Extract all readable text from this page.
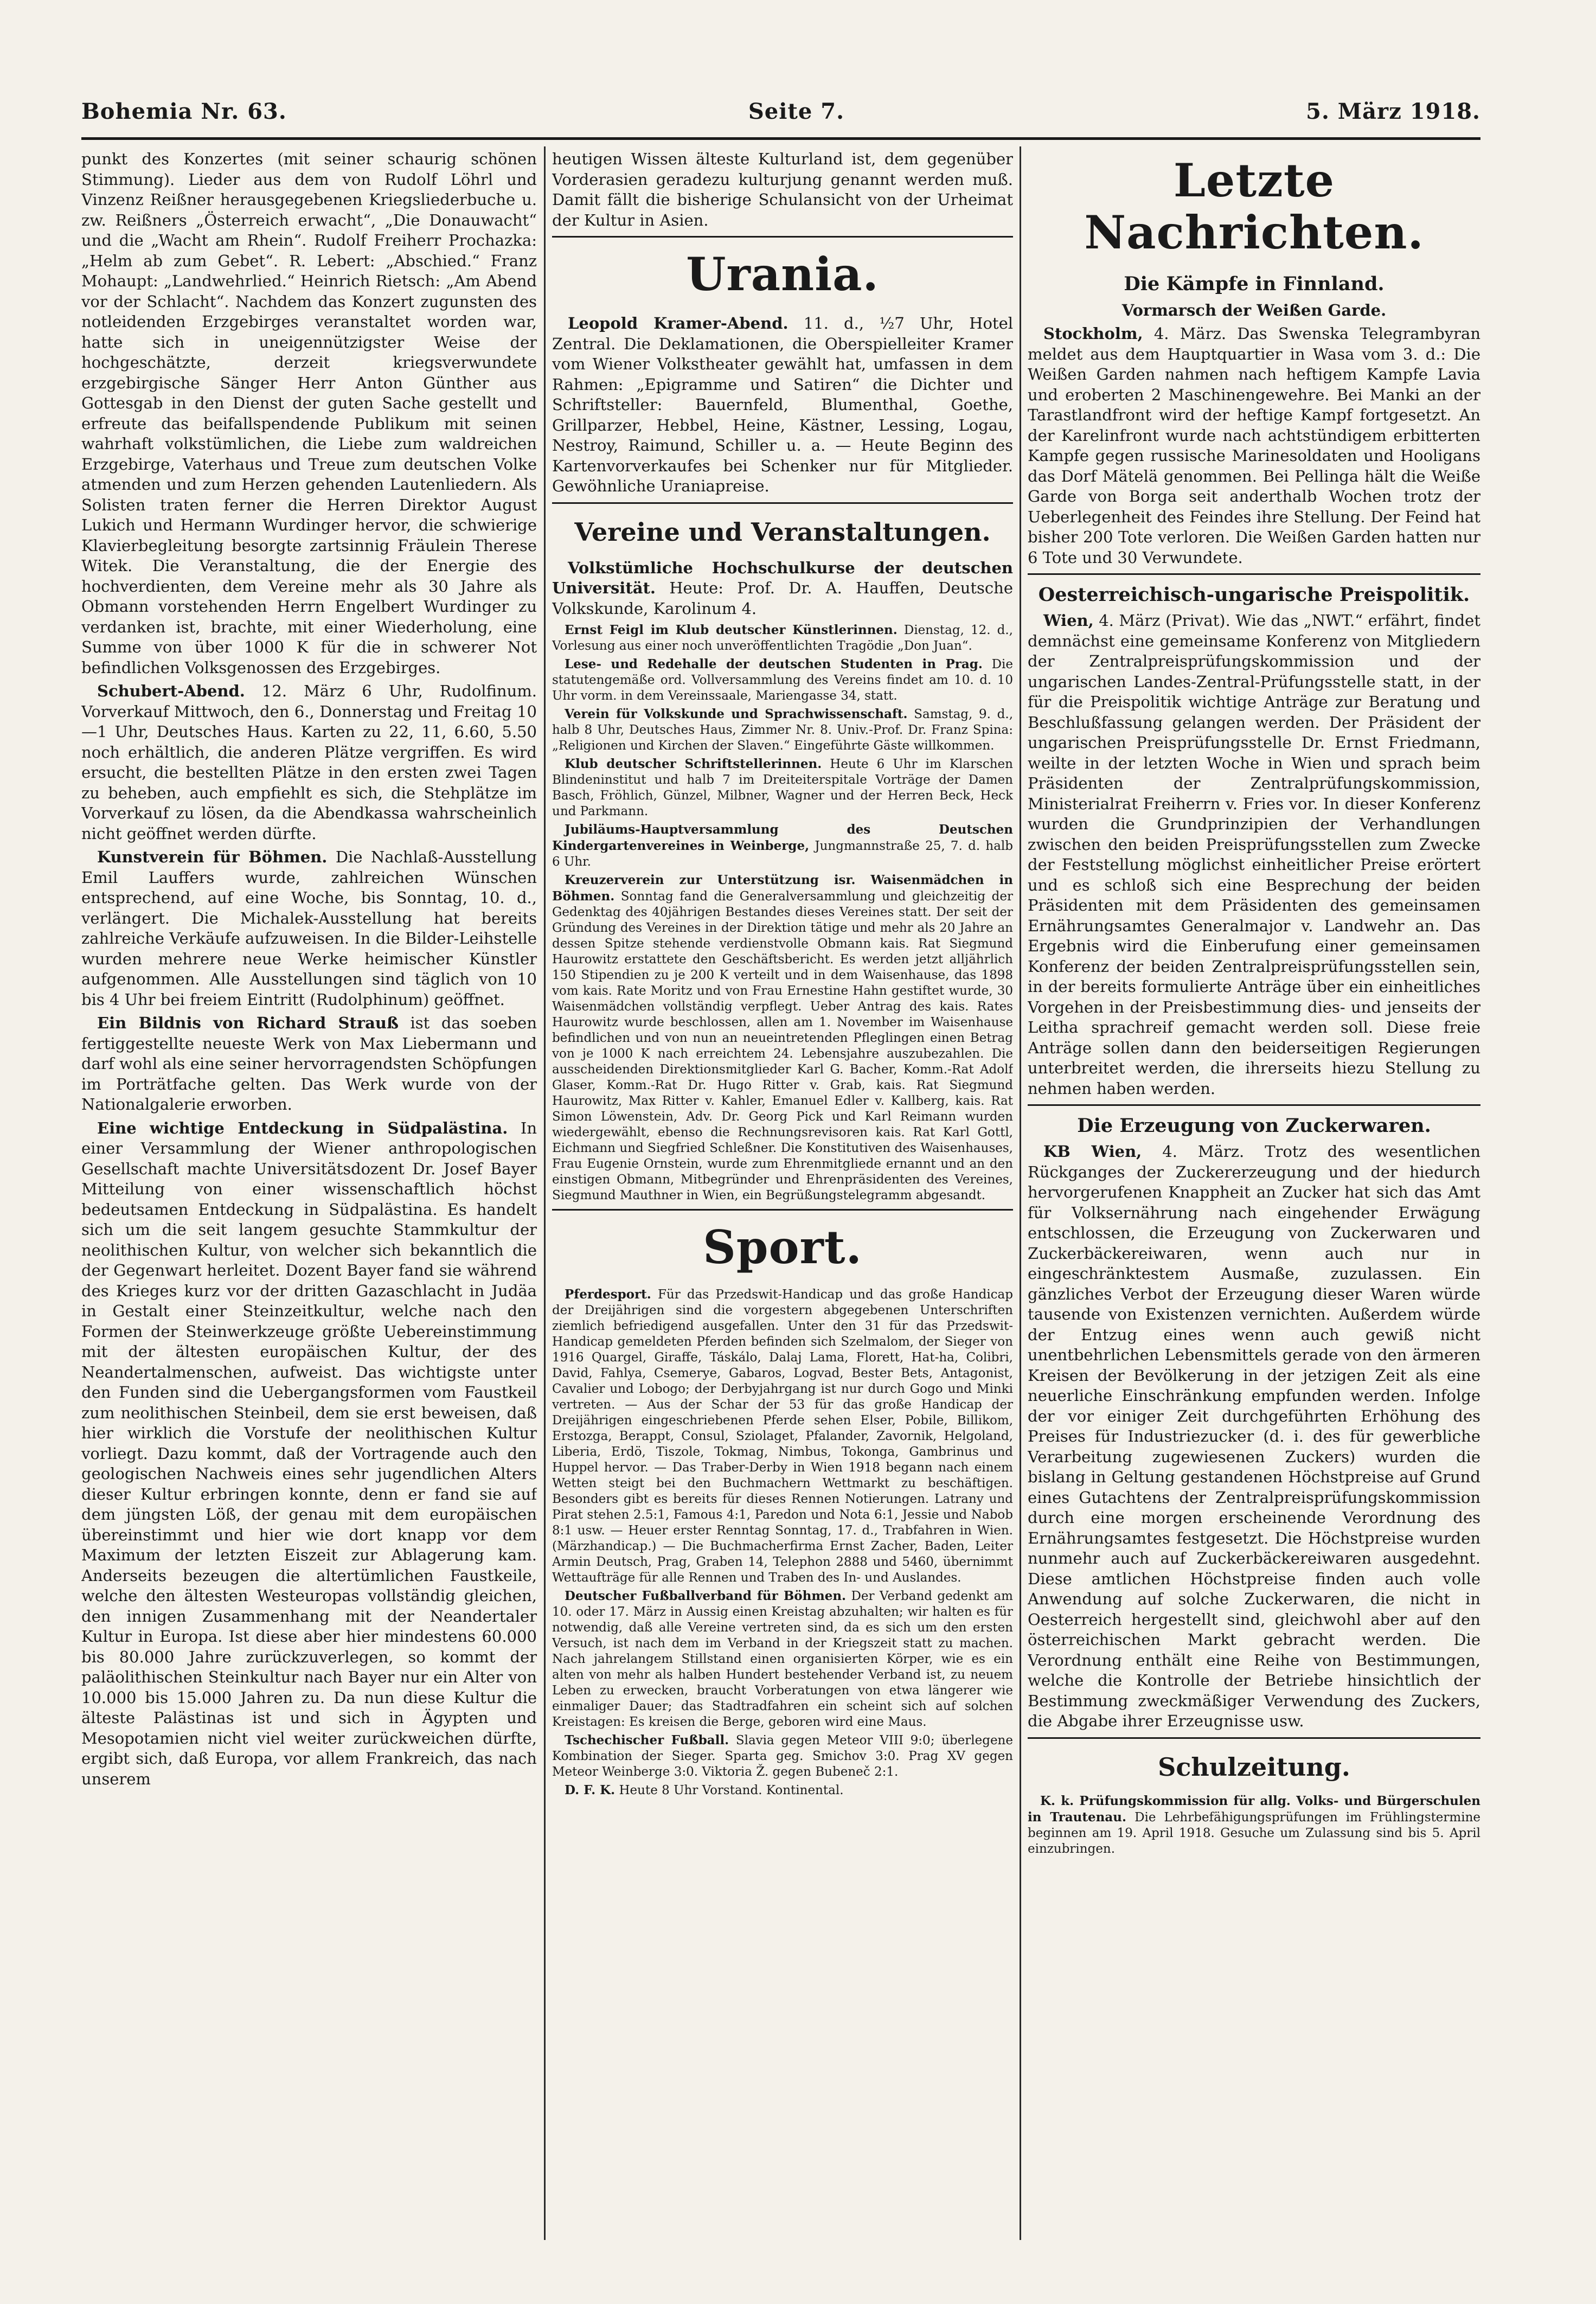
Bohemia Nr. 63.	Seite 7.	5. März 1918.

punkt des Konzertes (mit seiner schaurig schönen Stimmung). Lieder aus dem von Rudolf Löhrl und Vinzenz Reißner herausgegebenen Kriegsliederbuche u. zw. Reißners „Österreich erwacht“, „Die Donauwacht“ und die „Wacht am Rhein“. Rudolf Freiherr Prochazka: „Helm ab zum Gebet“. R. Lebert: „Abschied.“ Franz Mohaupt: „Landwehrlied.“ Heinrich Rietsch: „Am Abend vor der Schlacht“. Nachdem das Konzert zugunsten des notleidenden Erzgebirges veranstaltet worden war, hatte sich in uneigennützigster Weise der hochgeschätzte, derzeit kriegsverwundete erzgebirgische Sänger Herr Anton Günther aus Gottesgab in den Dienst der guten Sache gestellt und erfreute das beifallspendende Publikum mit seinen wahrhaft volkstümlichen, die Liebe zum waldreichen Erzgebirge, Vaterhaus und Treue zum deutschen Volke atmenden und zum Herzen gehenden Lautenliedern. Als Solisten traten ferner die Herren Direktor August Lukich und Hermann Wurdinger hervor, die schwierige Klavierbegleitung besorgte zartsinnig Fräulein Therese Witek. Die Veranstaltung, die der Energie des hochverdienten, dem Vereine mehr als 30 Jahre als Obmann vorstehenden Herrn Engelbert Wurdinger zu verdanken ist, brachte, mit einer Wiederholung, eine Summe von über 1000 K für die in schwerer Not befindlichen Volksgenossen des Erzgebirges.

Schubert-Abend. 12. März 6 Uhr, Rudolfinum. Vorverkauf Mittwoch, den 6., Donnerstag und Freitag 10—1 Uhr, Deutsches Haus. Karten zu 22, 11, 6.60, 5.50 noch erhältlich, die anderen Plätze vergriffen. Es wird ersucht, die bestellten Plätze in den ersten zwei Tagen zu beheben, auch empfiehlt es sich, die Stehplätze im Vorverkauf zu lösen, da die Abendkassa wahrscheinlich nicht geöffnet werden dürfte.

Kunstverein für Böhmen. Die Nachlaß-Ausstellung Emil Lauffers wurde, zahlreichen Wünschen entsprechend, auf eine Woche, bis Sonntag, 10. d., verlängert. Die Michalek-Ausstellung hat bereits zahlreiche Verkäufe aufzuweisen. In die Bilder-Leihstelle wurden mehrere neue Werke heimischer Künstler aufgenommen. Alle Ausstellungen sind täglich von 10 bis 4 Uhr bei freiem Eintritt (Rudolphinum) geöffnet.

Ein Bildnis von Richard Strauß ist das soeben fertiggestellte neueste Werk von Max Liebermann und darf wohl als eine seiner hervorragendsten Schöpfungen im Porträtfache gelten. Das Werk wurde von der Nationalgalerie erworben.

Eine wichtige Entdeckung in Südpalästina. In einer Versammlung der Wiener anthropologischen Gesellschaft machte Universitätsdozent Dr. Josef Bayer Mitteilung von einer wissenschaftlich höchst bedeutsamen Entdeckung in Südpalästina. Es handelt sich um die seit langem gesuchte Stammkultur der neolithischen Kultur, von welcher sich bekanntlich die der Gegenwart herleitet. Dozent Bayer fand sie während des Krieges kurz vor der dritten Gazaschlacht in Judäa in Gestalt einer Steinzeitkultur, welche nach den Formen der Steinwerkzeuge größte Uebereinstimmung mit der ältesten europäischen Kultur, der des Neandertalmenschen, aufweist. Das wichtigste unter den Funden sind die Uebergangsformen vom Faustkeil zum neolithischen Steinbeil, dem sie erst beweisen, daß hier wirklich die Vorstufe der neolithischen Kultur vorliegt. Dazu kommt, daß der Vortragende auch den geologischen Nachweis eines sehr jugendlichen Alters dieser Kultur erbringen konnte, denn er fand sie auf dem jüngsten Löß, der genau mit dem europäischen übereinstimmt und hier wie dort knapp vor dem Maximum der letzten Eiszeit zur Ablagerung kam. Anderseits bezeugen die altertümlichen Faustkeile, welche den ältesten Westeuropas vollständig gleichen, den innigen Zusammenhang mit der Neandertaler Kultur in Europa. Ist diese aber hier mindestens 60.000 bis 80.000 Jahre zurückzuverlegen, so kommt der paläolithischen Steinkultur nach Bayer nur ein Alter von 10.000 bis 15.000 Jahren zu. Da nun diese Kultur die älteste Palästinas ist und sich in Ägypten und Mesopotamien nicht viel weiter zurückweichen dürfte, ergibt sich, daß Europa, vor allem Frankreich, das nach unserem

heutigen Wissen älteste Kulturland ist, dem gegenüber Vorderasien geradezu kulturjung genannt werden muß. Damit fällt die bisherige Schulansicht von der Urheimat der Kultur in Asien.

Urania.

Leopold Kramer-Abend. 11. d., ½7 Uhr, Hotel Zentral. Die Deklamationen, die Oberspielleiter Kramer vom Wiener Volkstheater gewählt hat, umfassen in dem Rahmen: „Epigramme und Satiren“ die Dichter und Schriftsteller: Bauernfeld, Blumenthal, Goethe, Grillparzer, Hebbel, Heine, Kästner, Lessing, Logau, Nestroy, Raimund, Schiller u. a. — Heute Beginn des Kartenvorverkaufes bei Schenker nur für Mitglieder. Gewöhnliche Uraniapreise.

Vereine und Veranstaltungen.

Volkstümliche Hochschulkurse der deutschen Universität. Heute: Prof. Dr. A. Hauffen, Deutsche Volkskunde, Karolinum 4.

Ernst Feigl im Klub deutscher Künstlerinnen. Dienstag, 12. d., Vorlesung aus einer noch unveröffentlichten Tragödie „Don Juan“.

Lese- und Redehalle der deutschen Studenten in Prag. Die statutengemäße ord. Vollversammlung des Vereins findet am 10. d. 10 Uhr vorm. in dem Vereinssaale, Mariengasse 34, statt.

Verein für Volkskunde und Sprachwissenschaft. Samstag, 9. d., halb 8 Uhr, Deutsches Haus, Zimmer Nr. 8. Univ.-Prof. Dr. Franz Spina: „Religionen und Kirchen der Slaven.“ Eingeführte Gäste willkommen.

Klub deutscher Schriftstellerinnen. Heute 6 Uhr im Klarschen Blindeninstitut und halb 7 im Dreiteiterspitale Vorträge der Damen Basch, Fröhlich, Günzel, Milbner, Wagner und der Herren Beck, Heck und Parkmann.

Jubiläums-Hauptversammlung des Deutschen Kindergartenvereines in Weinberge, Jungmannstraße 25, 7. d. halb 6 Uhr.

Kreuzerverein zur Unterstützung isr. Waisenmädchen in Böhmen. Sonntag fand die Generalversammlung und gleichzeitig der Gedenktag des 40jährigen Bestandes dieses Vereines statt. Der seit der Gründung des Vereines in der Direktion tätige und mehr als 20 Jahre an dessen Spitze stehende verdienstvolle Obmann kais. Rat Siegmund Haurowitz erstattete den Geschäftsbericht. Es werden jetzt alljährlich 150 Stipendien zu je 200 K verteilt und in dem Waisenhause, das 1898 vom kais. Rate Moritz und von Frau Ernestine Hahn gestiftet wurde, 30 Waisenmädchen vollständig verpflegt. Ueber Antrag des kais. Rates Haurowitz wurde beschlossen, allen am 1. November im Waisenhause befindlichen und von nun an neueintretenden Pfleglingen einen Betrag von je 1000 K nach erreichtem 24. Lebensjahre auszubezahlen. Die ausscheidenden Direktionsmitglieder Karl G. Bacher, Komm.-Rat Adolf Glaser, Komm.-Rat Dr. Hugo Ritter v. Grab, kais. Rat Siegmund Haurowitz, Max Ritter v. Kahler, Emanuel Edler v. Kallberg, kais. Rat Simon Löwenstein, Adv. Dr. Georg Pick und Karl Reimann wurden wiedergewählt, ebenso die Rechnungsrevisoren kais. Rat Karl Gottl, Eichmann und Siegfried Schleßner. Die Konstitutiven des Waisenhauses, Frau Eugenie Ornstein, wurde zum Ehrenmitgliede ernannt und an den einstigen Obmann, Mitbegründer und Ehrenpräsidenten des Vereines, Siegmund Mauthner in Wien, ein Begrüßungstelegramm abgesandt.

Sport.

Pferdesport. Für das Przedswit-Handicap und das große Handicap der Dreijährigen sind die vorgestern abgegebenen Unterschriften ziemlich befriedigend ausgefallen. Unter den 31 für das Przedswit-Handicap gemeldeten Pferden befinden sich Szelmalom, der Sieger von 1916 Quargel, Giraffe, Táskálo, Dalaj Lama, Florett, Hat-ha, Colibri, David, Fahlya, Csemerye, Gabaros, Logvad, Bester Bets, Antagonist, Cavalier und Lobogo; der Derbyjahrgang ist nur durch Gogo und Minki vertreten. — Aus der Schar der 53 für das große Handicap der Dreijährigen eingeschriebenen Pferde sehen Elser, Pobile, Billikom, Erstozga, Berappt, Consul, Sziolaget, Pfalander, Zavornik, Helgoland, Liberia, Erdö, Tiszole, Tokmag, Nimbus, Tokonga, Gambrinus und Huppel hervor. — Das Traber-Derby in Wien 1918 begann nach einem Wetten steigt bei den Buchmachern Wettmarkt zu beschäftigen. Besonders gibt es bereits für dieses Rennen Notierungen. Latrany und Pirat stehen 2.5:1, Famous 4:1, Paredon und Nota 6:1, Jessie und Nabob 8:1 usw. — Heuer erster Renntag Sonntag, 17. d., Trabfahren in Wien. (Märzhandicap.) — Die Buchmacherfirma Ernst Zacher, Baden, Leiter Armin Deutsch, Prag, Graben 14, Telephon 2888 und 5460, übernimmt Wettaufträge für alle Rennen und Traben des In- und Auslandes.

Deutscher Fußballverband für Böhmen. Der Verband gedenkt am 10. oder 17. März in Aussig einen Kreistag abzuhalten; wir halten es für notwendig, daß alle Vereine vertreten sind, da es sich um den ersten Versuch, ist nach dem im Verband in der Kriegszeit statt zu machen. Nach jahrelangem Stillstand einen organisierten Körper, wie es ein alten von mehr als halben Hundert bestehender Verband ist, zu neuem Leben zu erwecken, braucht Vorberatungen von etwa längerer wie einmaliger Dauer; das Stadtradfahren ein scheint sich auf solchen Kreistagen: Es kreisen die Berge, geboren wird eine Maus.

Tschechischer Fußball. Slavia gegen Meteor VIII 9:0; überlegene Kombination der Sieger. Sparta geg. Smichov 3:0. Prag XV gegen Meteor Weinberge 3:0. Viktoria Ž. gegen Bubeneč 2:1.

D. F. K. Heute 8 Uhr Vorstand. Kontinental.

Letzte Nachrichten.
Die Kämpfe in Finnland.
Vormarsch der Weißen Garde.

Stockholm, 4. März. Das Swenska Telegrambyran meldet aus dem Hauptquartier in Wasa vom 3. d.: Die Weißen Garden nahmen nach heftigem Kampfe Lavia und eroberten 2 Maschinengewehre. Bei Manki an der Tarastlandfront wird der heftige Kampf fortgesetzt. An der Karelinfront wurde nach achtstündigem erbitterten Kampfe gegen russische Marinesoldaten und Hooligans das Dorf Mätelä genommen. Bei Pellinga hält die Weiße Garde von Borga seit anderthalb Wochen trotz der Ueberlegenheit des Feindes ihre Stellung. Der Feind hat bisher 200 Tote verloren. Die Weißen Garden hatten nur 6 Tote und 30 Verwundete.

Oesterreichisch-ungarische Preispolitik.

Wien, 4. März (Privat). Wie das „NWT.“ erfährt, findet demnächst eine gemeinsame Konferenz von Mitgliedern der Zentralpreisprüfungskommission und der ungarischen Landes-Zentral-Prüfungsstelle statt, in der für die Preispolitik wichtige Anträge zur Beratung und Beschlußfassung gelangen werden. Der Präsident der ungarischen Preisprüfungsstelle Dr. Ernst Friedmann, weilte in der letzten Woche in Wien und sprach beim Präsidenten der Zentralprüfungskommission, Ministerialrat Freiherrn v. Fries vor. In dieser Konferenz wurden die Grundprinzipien der Verhandlungen zwischen den beiden Preisprüfungsstellen zum Zwecke der Feststellung möglichst einheitlicher Preise erörtert und es schloß sich eine Besprechung der beiden Präsidenten mit dem Präsidenten des gemeinsamen Ernährungsamtes Generalmajor v. Landwehr an. Das Ergebnis wird die Einberufung einer gemeinsamen Konferenz der beiden Zentralpreisprüfungsstellen sein, in der bereits formulierte Anträge über ein einheitliches Vorgehen in der Preisbestimmung dies- und jenseits der Leitha sprachreif gemacht werden soll. Diese freie Anträge sollen dann den beiderseitigen Regierungen unterbreitet werden, die ihrerseits hiezu Stellung zu nehmen haben werden.

Die Erzeugung von Zuckerwaren.

KB Wien, 4. März. Trotz des wesentlichen Rückganges der Zuckererzeugung und der hiedurch hervorgerufenen Knappheit an Zucker hat sich das Amt für Volksernährung nach eingehender Erwägung entschlossen, die Erzeugung von Zuckerwaren und Zuckerbäckereiwaren, wenn auch nur in eingeschränktestem Ausmaße, zuzulassen. Ein gänzliches Verbot der Erzeugung dieser Waren würde tausende von Existenzen vernichten. Außerdem würde der Entzug eines wenn auch gewiß nicht unentbehrlichen Lebensmittels gerade von den ärmeren Kreisen der Bevölkerung in der jetzigen Zeit als eine neuerliche Einschränkung empfunden werden. Infolge der vor einiger Zeit durchgeführten Erhöhung des Preises für Industriezucker (d. i. des für gewerbliche Verarbeitung zugewiesenen Zuckers) wurden die bislang in Geltung gestandenen Höchstpreise auf Grund eines Gutachtens der Zentralpreisprüfungskommission durch eine morgen erscheinende Verordnung des Ernährungsamtes festgesetzt. Die Höchstpreise wurden nunmehr auch auf Zuckerbäckereiwaren ausgedehnt. Diese amtlichen Höchstpreise finden auch volle Anwendung auf solche Zuckerwaren, die nicht in Oesterreich hergestellt sind, gleichwohl aber auf den österreichischen Markt gebracht werden. Die Verordnung enthält eine Reihe von Bestimmungen, welche die Kontrolle der Betriebe hinsichtlich der Bestimmung zweckmäßiger Verwendung des Zuckers, die Abgabe ihrer Erzeugnisse usw.

Schulzeitung.

K. k. Prüfungskommission für allg. Volks- und Bürgerschulen in Trautenau. Die Lehrbefähigungsprüfungen im Frühlingstermine beginnen am 19. April 1918. Gesuche um Zulassung sind bis 5. April einzubringen.
